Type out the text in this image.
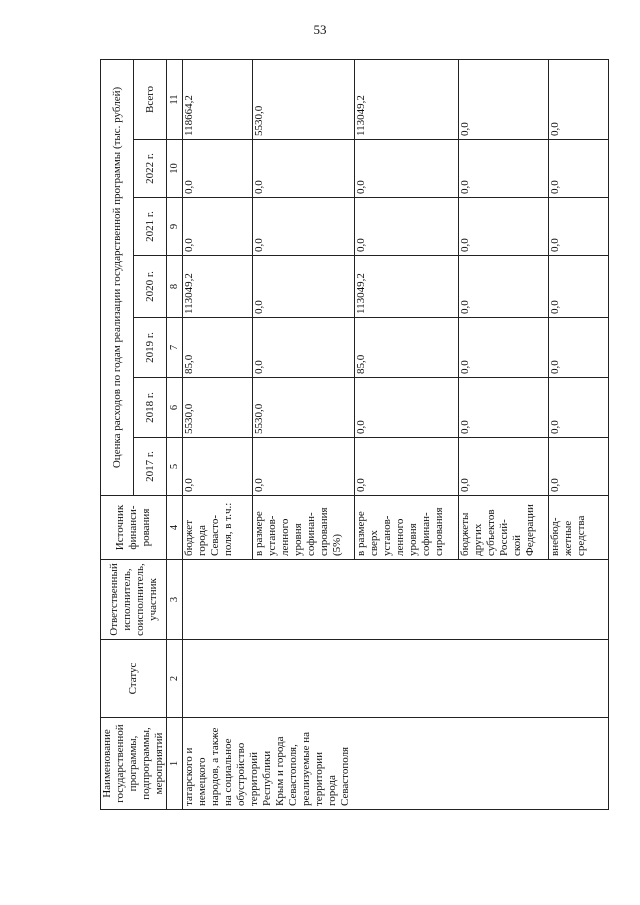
53
Наименование государственной программы, подпрограммы, мероприятий	Статус	Ответственный исполнитель, соисполнитель, участник	Источник финанси-рования	Оценка расходов по годам реализации государственной программы (тыс. рублей)						
				2017 г.	2018 г.	2019 г.	2020 г.	2021 г.	2022 г.	Всего
1	2	3	4	5	6	7	8	9	10	11
татарского и немецкого народов, а также на социальное обустройство территорий Республики Крым и города Севастополя, реализуемые на территории города Севастополя			бюджет города Севасто-поля, в т.ч.:	0,0	5530,0	85,0	113049,2	0,0	0,0	118664,2
			в размере установ-ленного уровня софинан-сирования (5%)	0,0	5530,0	0,0	0,0	0,0	0,0	5530,0
			в размере сверх установ-ленного уровня софинан-сирования	0,0	0,0	85,0	113049,2	0,0	0,0	113049,2
			бюджеты других субъектов Россий-ской Федерации	0,0	0,0	0,0	0,0	0,0	0,0	0,0
			внебюд-жетные средства	0,0	0,0	0,0	0,0	0,0	0,0	0,0
